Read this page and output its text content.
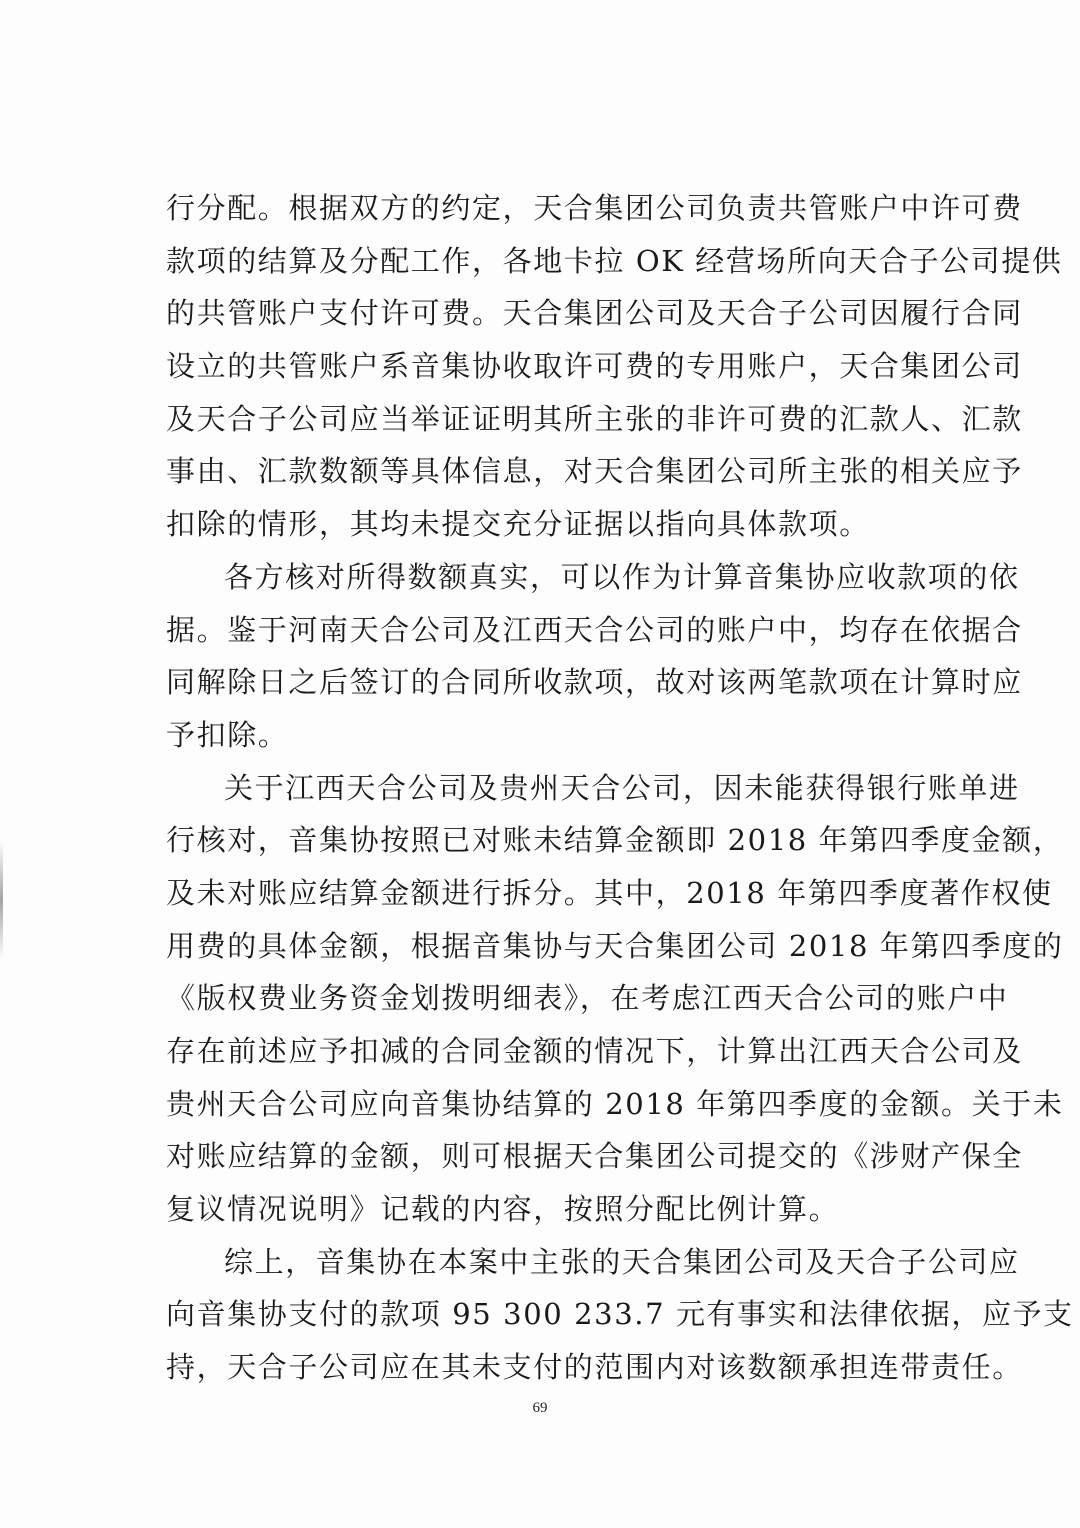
行分配。根据双方的约定，天合集团公司负责共管账户中许可费
款项的结算及分配工作，各地卡拉 OK 经营场所向天合子公司提供
的共管账户支付许可费。天合集团公司及天合子公司因履行合同
设立的共管账户系音集协收取许可费的专用账户，天合集团公司
及天合子公司应当举证证明其所主张的非许可费的汇款人、汇款
事由、汇款数额等具体信息，对天合集团公司所主张的相关应予
扣除的情形，其均未提交充分证据以指向具体款项。
各方核对所得数额真实，可以作为计算音集协应收款项的依
据。鉴于河南天合公司及江西天合公司的账户中，均存在依据合
同解除日之后签订的合同所收款项，故对该两笔款项在计算时应
予扣除。
关于江西天合公司及贵州天合公司，因未能获得银行账单进
行核对，音集协按照已对账未结算金额即 2018 年第四季度金额，
及未对账应结算金额进行拆分。其中，2018 年第四季度著作权使
用费的具体金额，根据音集协与天合集团公司 2018 年第四季度的
《版权费业务资金划拨明细表》，在考虑江西天合公司的账户中
存在前述应予扣减的合同金额的情况下，计算出江西天合公司及
贵州天合公司应向音集协结算的 2018 年第四季度的金额。关于未
对账应结算的金额，则可根据天合集团公司提交的《涉财产保全
复议情况说明》记载的内容，按照分配比例计算。
综上，音集协在本案中主张的天合集团公司及天合子公司应
向音集协支付的款项 95 300 233.7 元有事实和法律依据，应予支
持，天合子公司应在其未支付的范围内对该数额承担连带责任。
69
